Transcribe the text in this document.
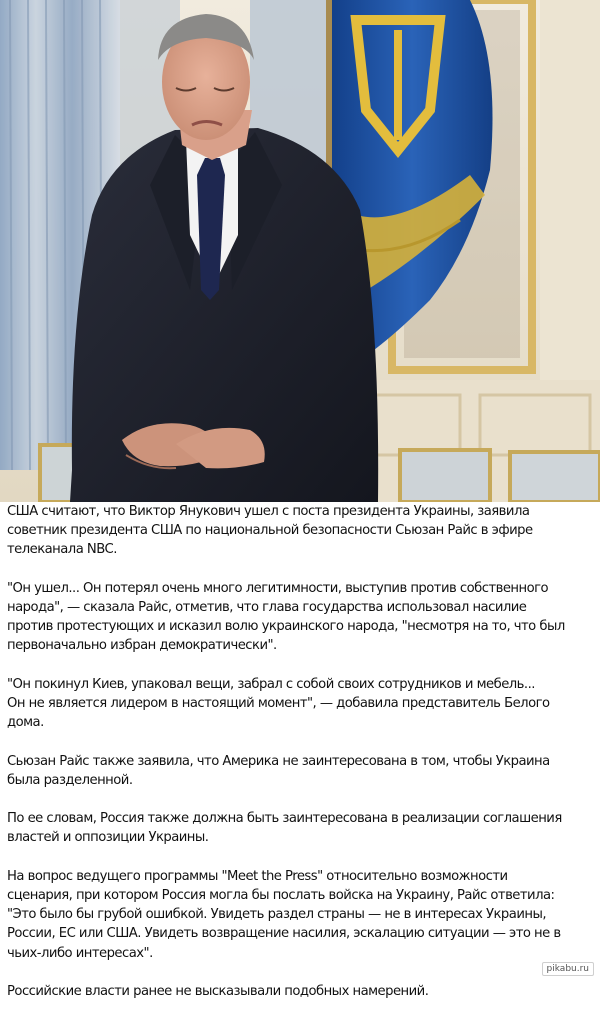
США считают, что Виктор Янукович ушел с поста президента Украины, заявила советник президента США по национальной безопасности Сьюзан Райс в эфире телеканала NBC.

"Он ушел... Он потерял очень много легитимности, выступив против собственного народа", — сказала Райс, отметив, что глава государства использовал насилие против протестующих и исказил волю украинского народа, "несмотря на то, что был первоначально избран демократически".

"Он покинул Киев, упаковал вещи, забрал с собой своих сотрудников и мебель...
Он не является лидером в настоящий момент", — добавила представитель Белого дома.

Сьюзан Райс также заявила, что Америка не заинтересована в том, чтобы Украина была разделенной.

По ее словам, Россия также должна быть заинтересована в реализации соглашения властей и оппозиции Украины.

На вопрос ведущего программы "Meet the Press" относительно возможности сценария, при котором Россия могла бы послать войска на Украину, Райс ответила: "Это было бы грубой ошибкой. Увидеть раздел страны — не в интересах Украины, России, ЕС или США. Увидеть возвращение насилия, эскалацию ситуации — это не в чьих-либо интересах".

Российские власти ранее не высказывали подобных намерений.

pikabu.ru
